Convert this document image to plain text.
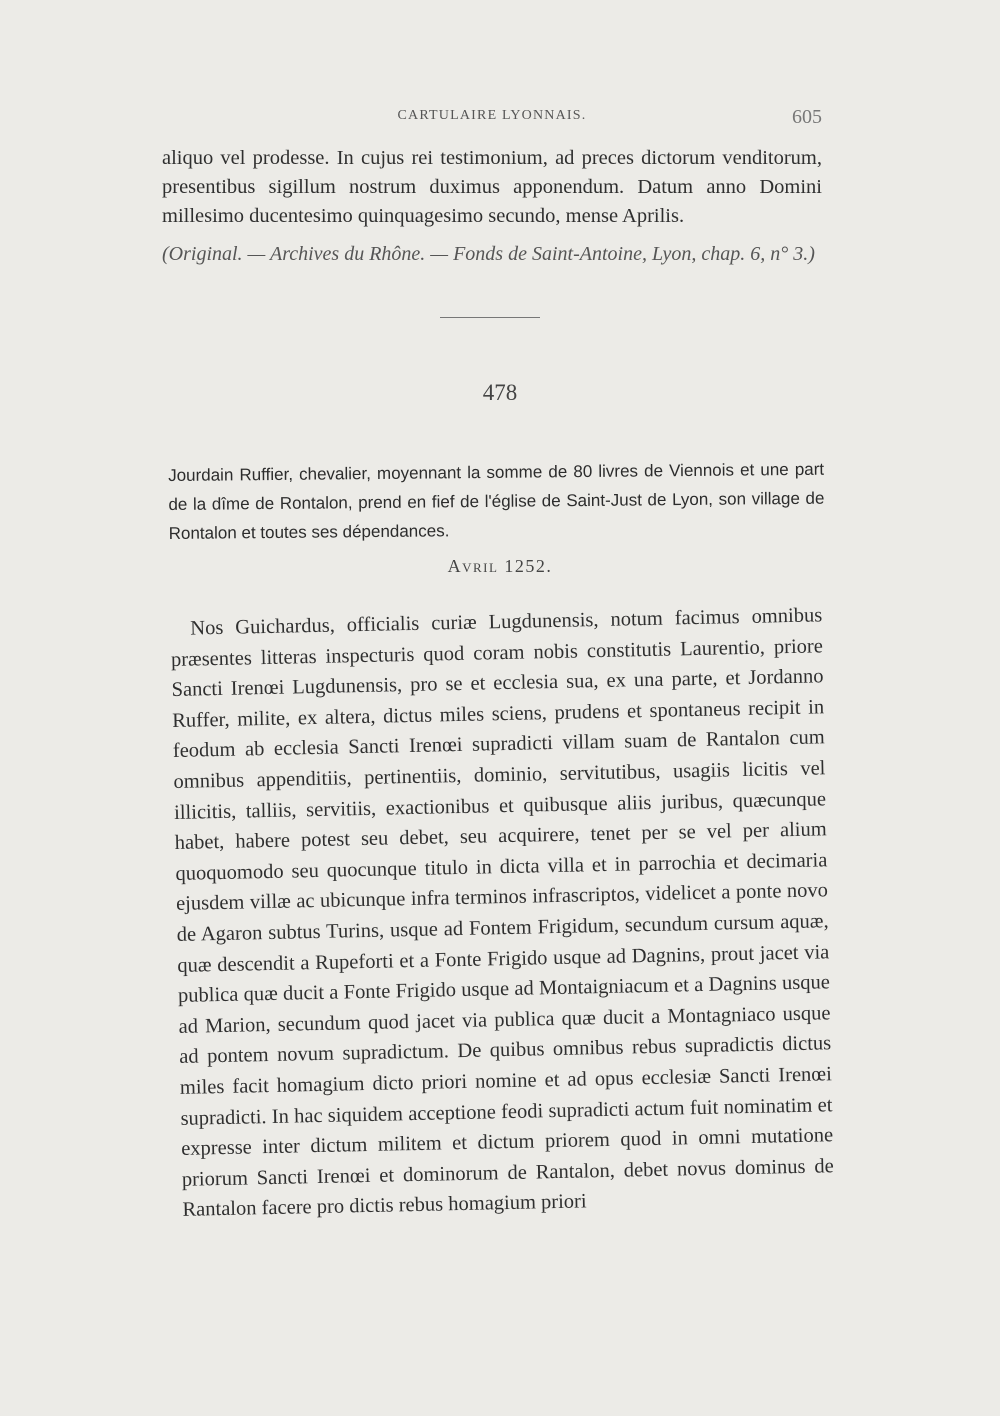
CARTULAIRE LYONNAIS.	605

aliquo vel prodesse. In cujus rei testimonium, ad preces dictorum venditorum, presentibus sigillum nostrum duximus apponendum. Datum anno Domini millesimo ducentesimo quinquagesimo secundo, mense Aprilis.

(Original. — Archives du Rhône. — Fonds de Saint-Antoine, Lyon, chap. 6, n° 3.)

478

Jourdain Ruffier, chevalier, moyennant la somme de 80 livres de Viennois et une part de la dîme de Rontalon, prend en fief de l'église de Saint-Just de Lyon, son village de Rontalon et toutes ses dépendances.

Avril 1252.

Nos Guichardus, officialis curiæ Lugdunensis, notum facimus omnibus præsentes litteras inspecturis quod coram nobis constitutis Laurentio, priore Sancti Irenœi Lugdunensis, pro se et ecclesia sua, ex una parte, et Jordanno Ruffer, milite, ex altera, dictus miles sciens, prudens et spontaneus recipit in feodum ab ecclesia Sancti Irenœi supradicti villam suam de Rantalon cum omnibus appenditiis, pertinentiis, dominio, servitutibus, usagiis licitis vel illicitis, talliis, servitiis, exactionibus et quibusque aliis juribus, quæcunque habet, habere potest seu debet, seu acquirere, tenet per se vel per alium quoquomodo seu quocunque titulo in dicta villa et in parrochia et decimaria ejusdem villæ ac ubicunque infra terminos infrascriptos, videlicet a ponte novo de Agaron subtus Turins, usque ad Fontem Frigidum, secundum cursum aquæ, quæ descendit a Rupeforti et a Fonte Frigido usque ad Dagnins, prout jacet via publica quæ ducit a Fonte Frigido usque ad Montaigniacum et a Dagnins usque ad Marion, secundum quod jacet via publica quæ ducit a Montagniaco usque ad pontem novum supradictum. De quibus omnibus rebus supradictis dictus miles facit homagium dicto priori nomine et ad opus ecclesiæ Sancti Irenœi supradicti. In hac siquidem acceptione feodi supradicti actum fuit nominatim et expresse inter dictum militem et dictum priorem quod in omni mutatione priorum Sancti Irenœi et dominorum de Rantalon, debet novus dominus de Rantalon facere pro dictis rebus homagium priori
